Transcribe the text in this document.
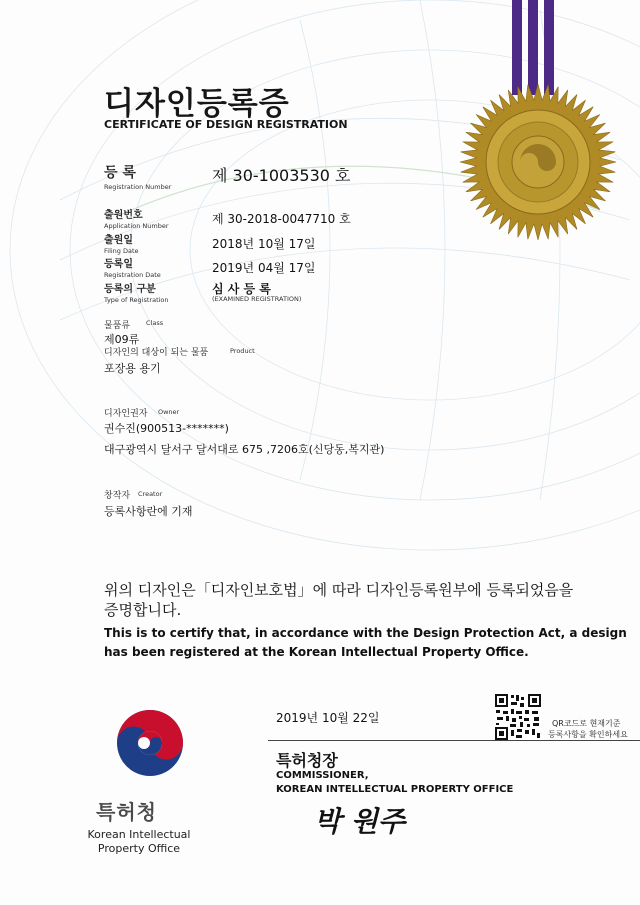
디자인등록증
CERTIFICATE OF DESIGN REGISTRATION
등 록
Registration Number
제 30-1003530 호
출원번호
Application Number	제 30-2018-0047710 호
출원일
Filing Date	2018년 10월 17일
등록일
Registration Date	2019년 04월 17일
등록의 구분
Type of Registration
심 사 등 록
(EXAMINED REGISTRATION)
물품류 Class
제09류
디자인의 대상이 되는 물품	Product
포장용 용기
디자인권자 Owner
권수진(900513-*******)
대구광역시 달서구 달서대로 675 ,7206호(신당동,복지관)
창작자 Creator
등록사항란에 기재
위의 디자인은「디자인보호법」에 따라 디자인등록원부에 등록되었음을
증명합니다.
This is to certify that, in accordance with the Design Protection Act, a design
has been registered at the Korean Intellectual Property Office.
2019년 10월 22일	QR코드로 현재기준
등록사항을 확인하세요
특허청장
COMMISSIONER,
KOREAN INTELLECTUAL PROPERTY OFFICE
박 원주
특허청
Korean Intellectual Property Office
